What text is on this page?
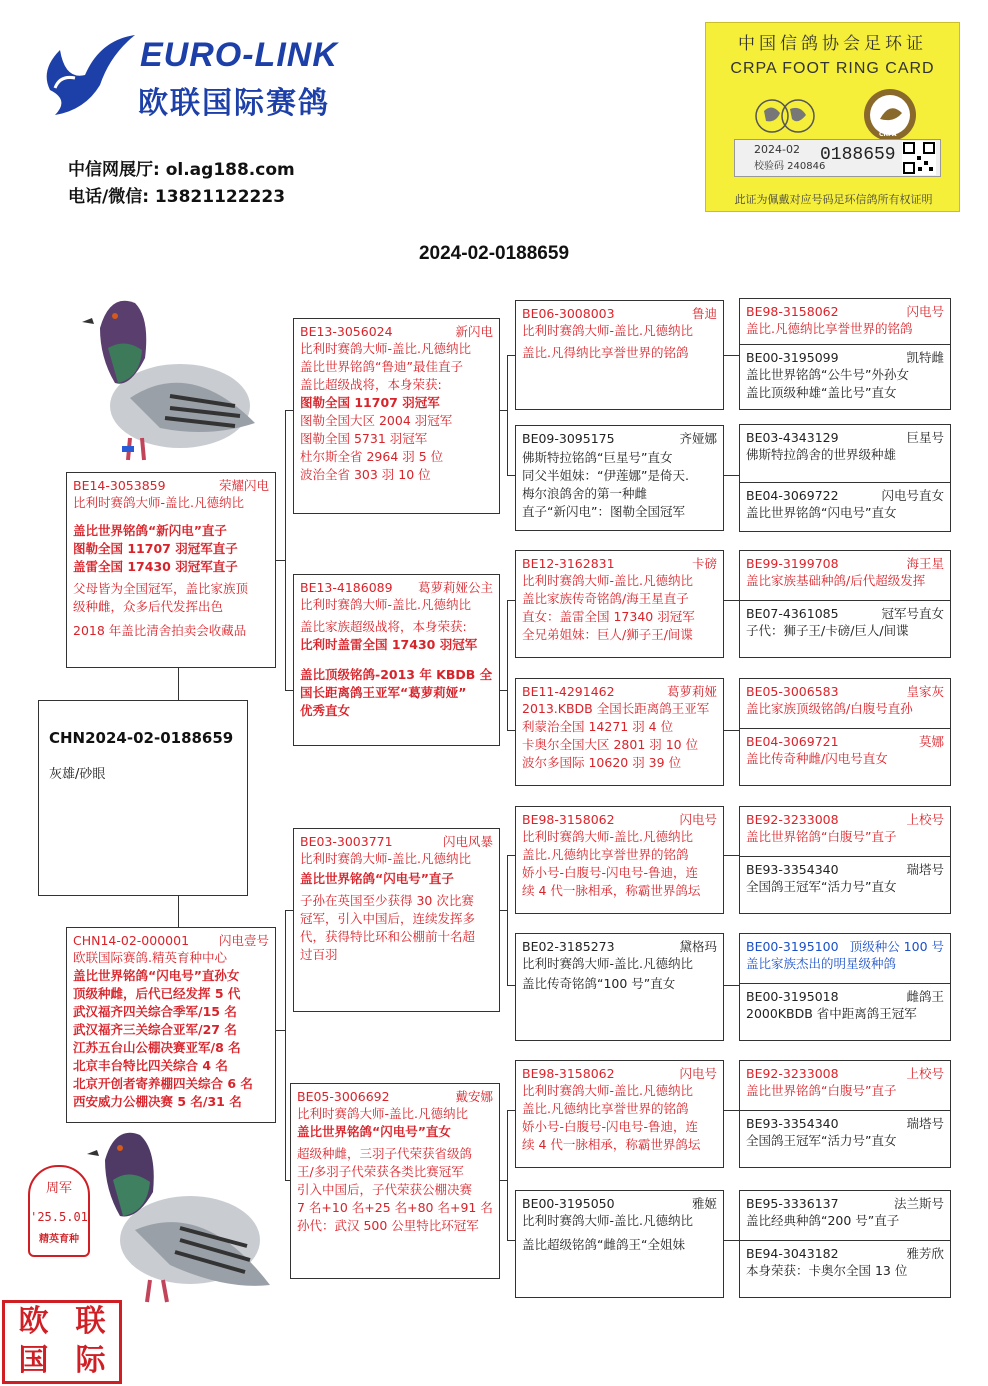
EURO-LINK
欧联国际赛鸽
中信网展厅: ol.ag188.com
电话/微信: 13821122223
中国信鸽协会足环证
CRPA FOOT RING CARD
CRPA
2024-02
校验码 240846
0188659
此证为佩戴对应号码足环信鸽所有权证明
2024-02-0188659
CHN2024-02-0188659
灰雄/砂眼
BE14-3053859	荣耀闪电
比利时赛鸽大师-盖比.凡德纳比
盖比世界铭鸽“新闪电”直子
图勒全国 11707 羽冠军直子
盖雷全国 17430 羽冠军直子
父母皆为全国冠军，盖比家族顶
级种雌，众多后代发挥出色
2018 年盖比清舍拍卖会收藏品
CHN14-02-000001 闪电壹号
欧联国际赛鸽.精英育种中心
盖比世界铭鸽“闪电号”直孙女
顶级种雌，后代已经发挥 5 代
武汉福齐四关综合季军/15 名
武汉福齐三关综合亚军/27 名
江苏五台山公棚决赛亚军/8 名
北京丰台特比四关综合 4 名
北京开创者寄养棚四关综合 6 名
西安威力公棚决赛 5 名/31 名
BE13-3056024	新闪电
比利时赛鸽大师-盖比.凡德纳比
盖比世界铭鸽“鲁迪”最佳直子
盖比超级战将，本身荣获:
图勒全国 11707 羽冠军
图勒全国大区 2004 羽冠军
图勒全国 5731 羽冠军
杜尔斯全省 2964 羽 5 位
波治全省 303 羽 10 位
BE13-4186089 葛萝莉娅公主
比利时赛鸽大师-盖比.凡德纳比
盖比家族超级战将，本身荣获:
比利时盖雷全国 17430 羽冠军
盖比顶级铭鸽-2013 年 KBDB 全
国长距离鸽王亚军“葛萝莉娅”
优秀直女
BE03-3003771	闪电风暴
比利时赛鸽大师-盖比.凡德纳比
盖比世界铭鸽“闪电号”直子
子孙在英国至少获得 30 次比赛
冠军，引入中国后，连续发挥多
代，获得特比环和公棚前十名超
过百羽
BE05-3006692	戴安娜
比利时赛鸽大师-盖比.凡德纳比
盖比世界铭鸽“闪电号”直女
超级种雌，三羽子代荣获省级鸽
王/多羽子代荣获各类比赛冠军
引入中国后，子代荣获公棚决赛
7 名+10 名+25 名+80 名+91 名
孙代：武汉 500 公里特比环冠军
BE06-3008003	鲁迪
比利时赛鸽大师-盖比.凡德纳比
盖比.凡得纳比享誉世界的铭鸽
BE09-3095175	齐娅娜
佛斯特拉铭鸽“巨星号”直女
同父半姐妹：“伊莲娜”是倚天.
梅尔浪鸽舍的第一种雌
直子“新闪电”：图勒全国冠军
BE12-3162831	卡磅
比利时赛鸽大师-盖比.凡德纳比
盖比家族传奇铭鸽/海王星直子
直女：盖雷全国 17340 羽冠军
全兄弟姐妹：巨人/狮子王/间谍
BE11-4291462	葛萝莉娅
2013.KBDB 全国长距离鸽王亚军
利蒙治全国 14271 羽 4 位
卡奥尔全国大区 2801 羽 10 位
波尔多国际 10620 羽 39 位
BE98-3158062	闪电号
比利时赛鸽大师-盖比.凡德纳比
盖比.凡德纳比享誉世界的铭鸽
娇小号-白腹号-闪电号-鲁迪，连
续 4 代一脉相承，称霸世界鸽坛
BE02-3185273	黛格玛
比利时赛鸽大师-盖比.凡德纳比
盖比传奇铭鸽“100 号”直女
BE98-3158062	闪电号
比利时赛鸽大师-盖比.凡德纳比
盖比.凡德纳比享誉世界的铭鸽
娇小号-白腹号-闪电号-鲁迪，连
续 4 代一脉相承，称霸世界鸽坛
BE00-3195050	雅姬
比利时赛鸽大师-盖比.凡德纳比
盖比超级铭鸽“雌鸽王“全姐妹
BE98-3158062	闪电号
盖比.凡德纳比享誉世界的铭鸽
BE00-3195099	凯特雌
盖比世界铭鸽“公牛号”外孙女
盖比顶级种雄“盖比号”直女
BE03-4343129	巨星号
佛斯特拉鸽舍的世界级种雄
BE04-3069722	闪电号直女
盖比世界铭鸽“闪电号”直女
BE99-3199708	海王星
盖比家族基础种鸽/后代超级发挥
BE07-4361085	冠军号直女
子代：狮子王/卡磅/巨人/间谍
BE05-3006583	皇家灰
盖比家族顶级铭鸽/白腹号直孙
BE04-3069721	莫娜
盖比传奇种雌/闪电号直女
BE92-3233008	上校号
盖比世界铭鸽“白腹号”直子
BE93-3354340	瑞塔号
全国鸽王冠军“活力号”直女
BE00-3195100 顶级种公 100 号
盖比家族杰出的明星级种鸽
BE00-3195018	雌鸽王
2000KBDB 省中距离鸽王冠军
BE92-3233008	上校号
盖比世界铭鸽“白腹号”直子
BE93-3354340	瑞塔号
全国鸽王冠军“活力号”直女
BE95-3336137	法兰斯号
盖比经典种鸽“200 号”直子
BE94-3043182	雅芳欣
本身荣获：卡奥尔全国 13 位
周军
'25.5.01
精英育种
欧 联
国 际
